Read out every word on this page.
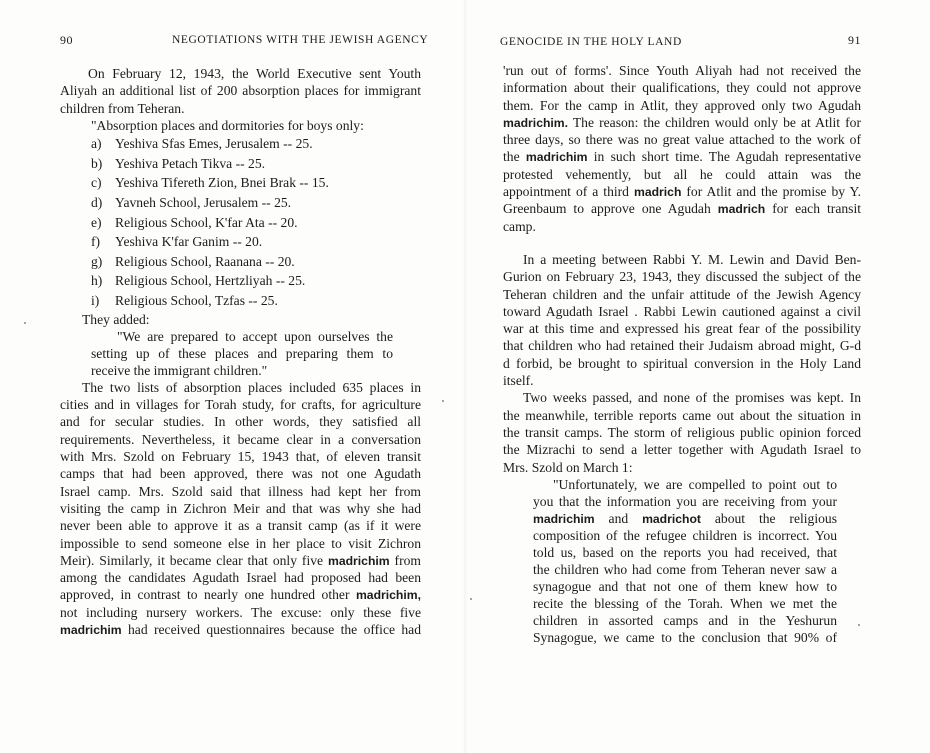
90	NEGOTIATIONS WITH THE JEWISH AGENCY
On February 12, 1943, the World Executive sent Youth
Aliyah an additional list of 200 absorption places for immigrant
children from Teheran.
"Absorption places and dormitories for boys only:
a) Yeshiva Sfas Emes, Jerusalem -- 25.
b) Yeshiva Petach Tikva -- 25.
c) Yeshiva Tifereth Zion, Bnei Brak -- 15.
d) Yavneh School, Jerusalem -- 25.
e) Religious School, K'far Ata -- 20.
f) Yeshiva K'far Ganim -- 20.
g) Religious School, Raanana -- 20.
h) Religious School, Hertzliyah -- 25.
i) Religious School, Tzfas -- 25.
They added:
"We are prepared to accept upon ourselves the
setting up of these places and preparing them to
receive the immigrant children."
The two lists of absorption places included 635 places in
cities and in villages for Torah study, for crafts, for agriculture
and for secular studies. In other words, they satisfied all
requirements. Nevertheless, it became clear in a conversation
with Mrs. Szold on February 15, 1943 that, of eleven transit
camps that had been approved, there was not one Agudath
Israel camp. Mrs. Szold said that illness had kept her from
visiting the camp in Zichron Meir and that was why she had
never been able to approve it as a transit camp (as if it were
impossible to send someone else in her place to visit Zichron
Meir). Similarly, it became clear that only five madrichim from
among the candidates Agudath Israel had proposed had been
approved, in contrast to nearly one hundred other madrichim,
not including nursery workers. The excuse: only these five
madrichim had received questionnaires because the office had
GENOCIDE IN THE HOLY LAND	91
'run out of forms'. Since Youth Aliyah had not received the
information about their qualifications, they could not approve
them. For the camp in Atlit, they approved only two Agudah
madrichim. The reason: the children would only be at Atlit for
three days, so there was no great value attached to the work of
the madrichim in such short time. The Agudah representative
protested vehemently, but all he could attain was the
appointment of a third madrich for Atlit and the promise by Y.
Greenbaum to approve one Agudah madrich for each transit
camp.
In a meeting between Rabbi Y. M. Lewin and David Ben-
Gurion on February 23, 1943, they discussed the subject of the
Teheran children and the unfair attitude of the Jewish Agency
toward Agudath Israel . Rabbi Lewin cautioned against a civil
war at this time and expressed his great fear of the possibility
that children who had retained their Judaism abroad might, G-d
d forbid, be brought to spiritual conversion in the Holy Land
itself.
Two weeks passed, and none of the promises was kept. In
the meanwhile, terrible reports came out about the situation in
the transit camps. The storm of religious public opinion forced
the Mizrachi to send a letter together with Agudath Israel to
Mrs. Szold on March 1:
"Unfortunately, we are compelled to point out to
you that the information you are receiving from your
madrichim and madrichot about the religious
composition of the refugee children is incorrect. You
told us, based on the reports you had received, that
the children who had come from Teheran never saw a
synagogue and that not one of them knew how to
recite the blessing of the Torah. When we met the
children in assorted camps and in the Yeshurun
Synagogue, we came to the conclusion that 90% of
